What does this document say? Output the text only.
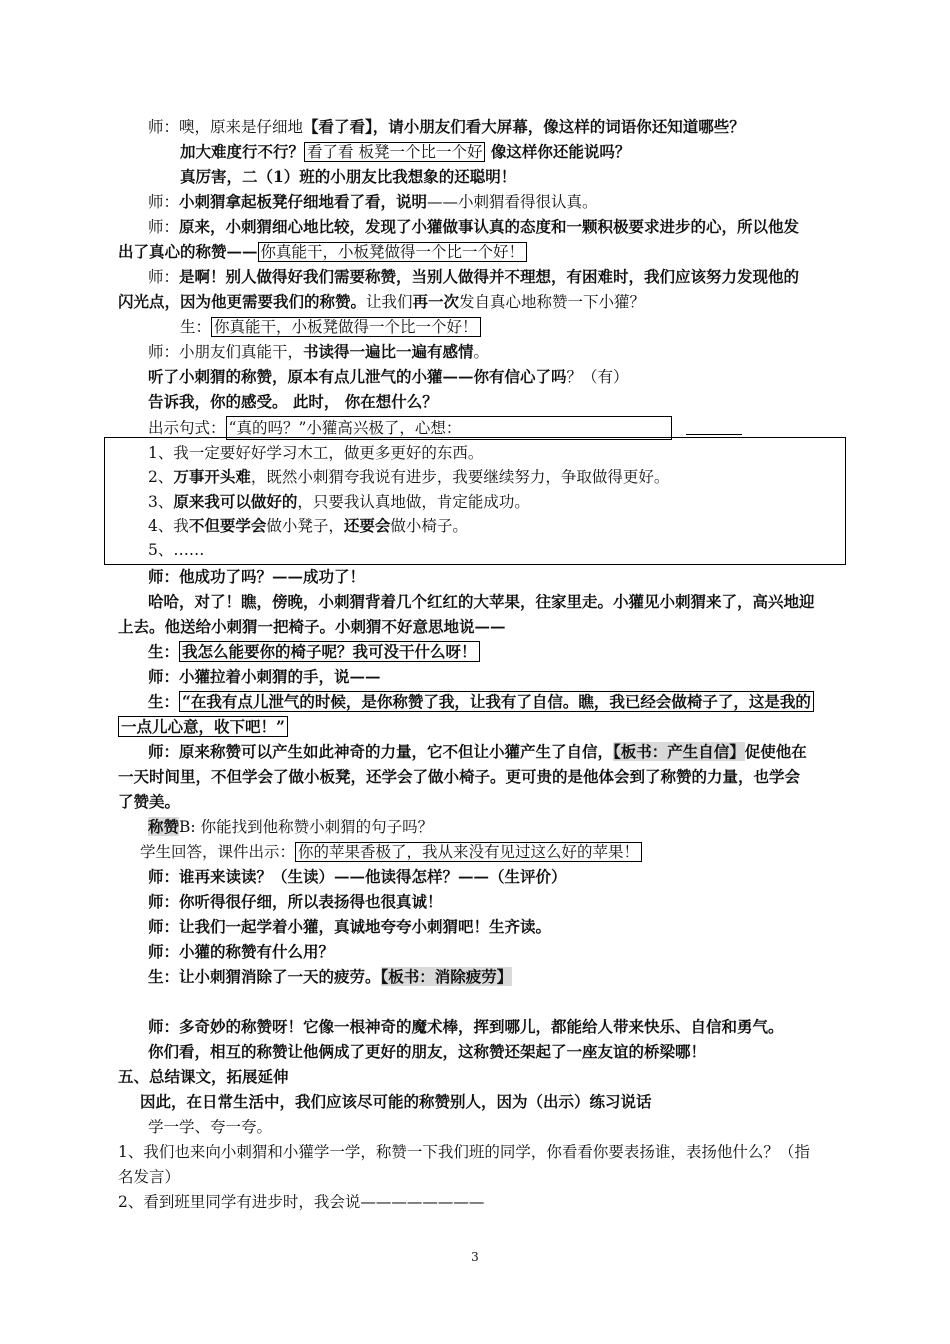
师：噢，原来是仔细地【看了看】，请小朋友们看大屏幕，像这样的词语你还知道哪些？
加大难度行不行？ 看了看 板凳一个比一个好 像这样你还能说吗？
真厉害，二（1）班的小朋友比我想象的还聪明！
师：小刺猬拿起板凳仔细地看了看，说明——小刺猬看得很认真。
师：原来，小刺猬细心地比较，发现了小獾做事认真的态度和一颗积极要求进步的心，所以他发
出了真心的称赞—— 你真能干，小板凳做得一个比一个好！
师：是啊！别人做得好我们需要称赞，当别人做得并不理想，有困难时，我们应该努力发现他的
闪光点，因为他更需要我们的称赞。让我们再一次发自真心地称赞一下小獾？
生： 你真能干，小板凳做得一个比一个好！
师：小朋友们真能干，书读得一遍比一遍有感情。
听了小刺猬的称赞，原本有点儿泄气的小獾——你有信心了吗？（有）
告诉我，你的感受。 此时， 你在想什么？
出示句式： “真的吗？”小獾高兴极了，心想：
1、我一定要好好学习木工，做更多更好的东西。
2、万事开头难，既然小刺猬夸我说有进步，我要继续努力，争取做得更好。
3、原来我可以做好的，只要我认真地做，肯定能成功。
4、我不但要学会做小凳子，还要会做小椅子。
5、……
师：他成功了吗？——成功了！
哈哈，对了！瞧，傍晚，小刺猬背着几个红红的大苹果，往家里走。小獾见小刺猬来了，高兴地迎
上去。他送给小刺猬一把椅子。小刺猬不好意思地说——
生： 我怎么能要你的椅子呢？我可没干什么呀！
师：小獾拉着小刺猬的手，说——
生： “在我有点儿泄气的时候，是你称赞了我，让我有了自信。瞧，我已经会做椅子了，这是我的
一点儿心意，收下吧！”
师：原来称赞可以产生如此神奇的力量，它不但让小獾产生了自信，【板书：产生自信】促使他在
一天时间里，不但学会了做小板凳，还学会了做小椅子。更可贵的是他体会到了称赞的力量，也学会
了赞美。
称赞B: 你能找到他称赞小刺猬的句子吗？
学生回答，课件出示： 你的苹果香极了，我从来没有见过这么好的苹果！
师：谁再来读读？（生读）——他读得怎样？——（生评价）
师：你听得很仔细，所以表扬得也很真诚！
师：让我们一起学着小獾，真诚地夸夸小刺猬吧！生齐读。
师：小獾的称赞有什么用？
生：让小刺猬消除了一天的疲劳。【板书：消除疲劳】
师：多奇妙的称赞呀！它像一根神奇的魔术棒，挥到哪儿，都能给人带来快乐、自信和勇气。
你们看，相互的称赞让他俩成了更好的朋友，这称赞还架起了一座友谊的桥梁哪！
五、总结课文，拓展延伸
因此，在日常生活中，我们应该尽可能的称赞别人，因为（出示）练习说话
学一学、夸一夸。
1、我们也来向小刺猬和小獾学一学，称赞一下我们班的同学，你看看你要表扬谁，表扬他什么？（指
名发言）
2、看到班里同学有进步时，我会说————————
3
